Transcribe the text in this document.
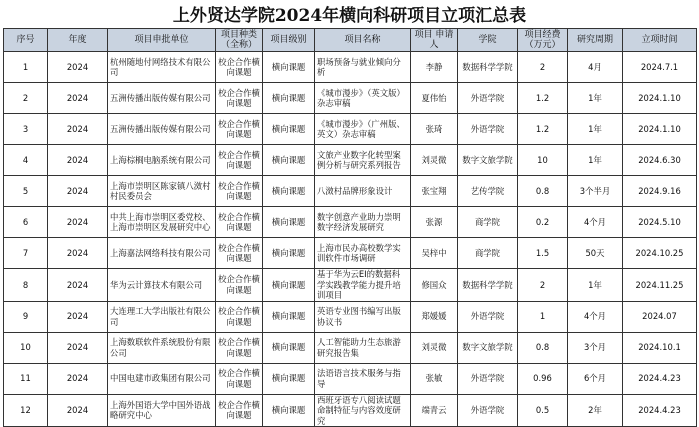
上外贤达学院2024年横向科研项目立项汇总表
序号	年度	项目申批单位	项目种类（全称）	项目级别	项目名称	项目 申请人	学院	项目经费（万元）	研究周期	立项时间
1	2024	杭州随地付网络技术有限公司	校企合作横向课题	横向课题	职场预备与就业倾向分析	李静	数据科学学院	2	4月	2024.7.1
2	2024	五洲传播出版传媒有限公司	校企合作横向课题	横向课题	《城市漫步》（英文版）杂志审稿	夏伟怡	外语学院	1.2	1年	2024.1.10
3	2024	五洲传播出版传媒有限公司	校企合作横向课题	横向课题	《城市漫步》（广州版、英文）杂志审稿	张琦	外语学院	1.2	1年	2024.1.10
4	2024	上海棕榈电脑系统有限公司	校企合作横向课题	横向课题	文旅产业数字化转型案例分析与研究系列报告	刘灵微	数字文旅学院	10	1年	2024.6.30
5	2024	上海市崇明区陈家镇八滧村村民委员会	校企合作横向课题	横向课题	八滧村品牌形象设计	张宝翔	艺传学院	0.8	3个半月	2024.9.16
6	2024	中共上海市崇明区委党校、上海市崇明区发展研究中心	校企合作横向课题	横向课题	数字创意产业助力崇明数字经济发展研究	张源	商学院	0.2	4个月	2024.5.10
7	2024	上海嘉法网络科技有限公司	校企合作横向课题	横向课题	上海市民办高校数学实训软件市场调研	吴梓中	商学院	1.5	50天	2024.10.25
8	2024	华为云计算技术有限公司	校企合作横向课题	横向课题	基于华为云EI的数据科学实践教学能力提升培训项目	修国众	数据科学学院	2	1年	2024.11.25
9	2024	大连理工大学出版社有限公司	校企合作横向课题	横向课题	英语专业图书编写出版协议书	郑媛媛	外语学院	1	4个月	2024.07
10	2024	上海数联软件系统股份有限公司	校企合作横向课题	横向课题	人工智能助力生态旅游研究报告集	刘灵微	数字文旅学院	0.8	3个月	2024.10.1
11	2024	中国电建市政集团有限公司	校企合作横向课题	横向课题	法语语言技术服务与指导	张敏	外语学院	0.96	6个月	2024.4.23
12	2024	上海外国语大学中国外语战略研究中心	校企合作横向课题	横向课题	西班牙语专八阅读试题命制特征与内容效度研究	端青云	外语学院	0.5	2年	2024.4.23
